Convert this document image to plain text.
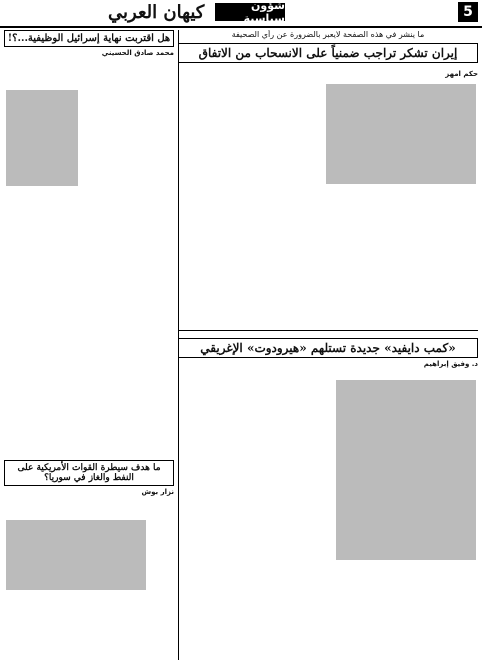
5
كيهان العربي	شؤون سياسية
ما ينشر في هذه الصفحة لايعبر بالضرورة عن رأي الصحيفة
إيران تشكر تراجب ضمنياً على الانسحاب من الاتفاق
حكم امهز
«كمب دايفيد» جديدة تستلهم «هيرودوت» الإغريقي
د. وفيق إبراهيم
هل اقتربت نهاية إسرائيل الوظيفية...؟!
محمد صادق الحسيني
ما هدف سيطرة القوات الأمريكية على النفط والغاز في سوريا؟
نزار بوش
